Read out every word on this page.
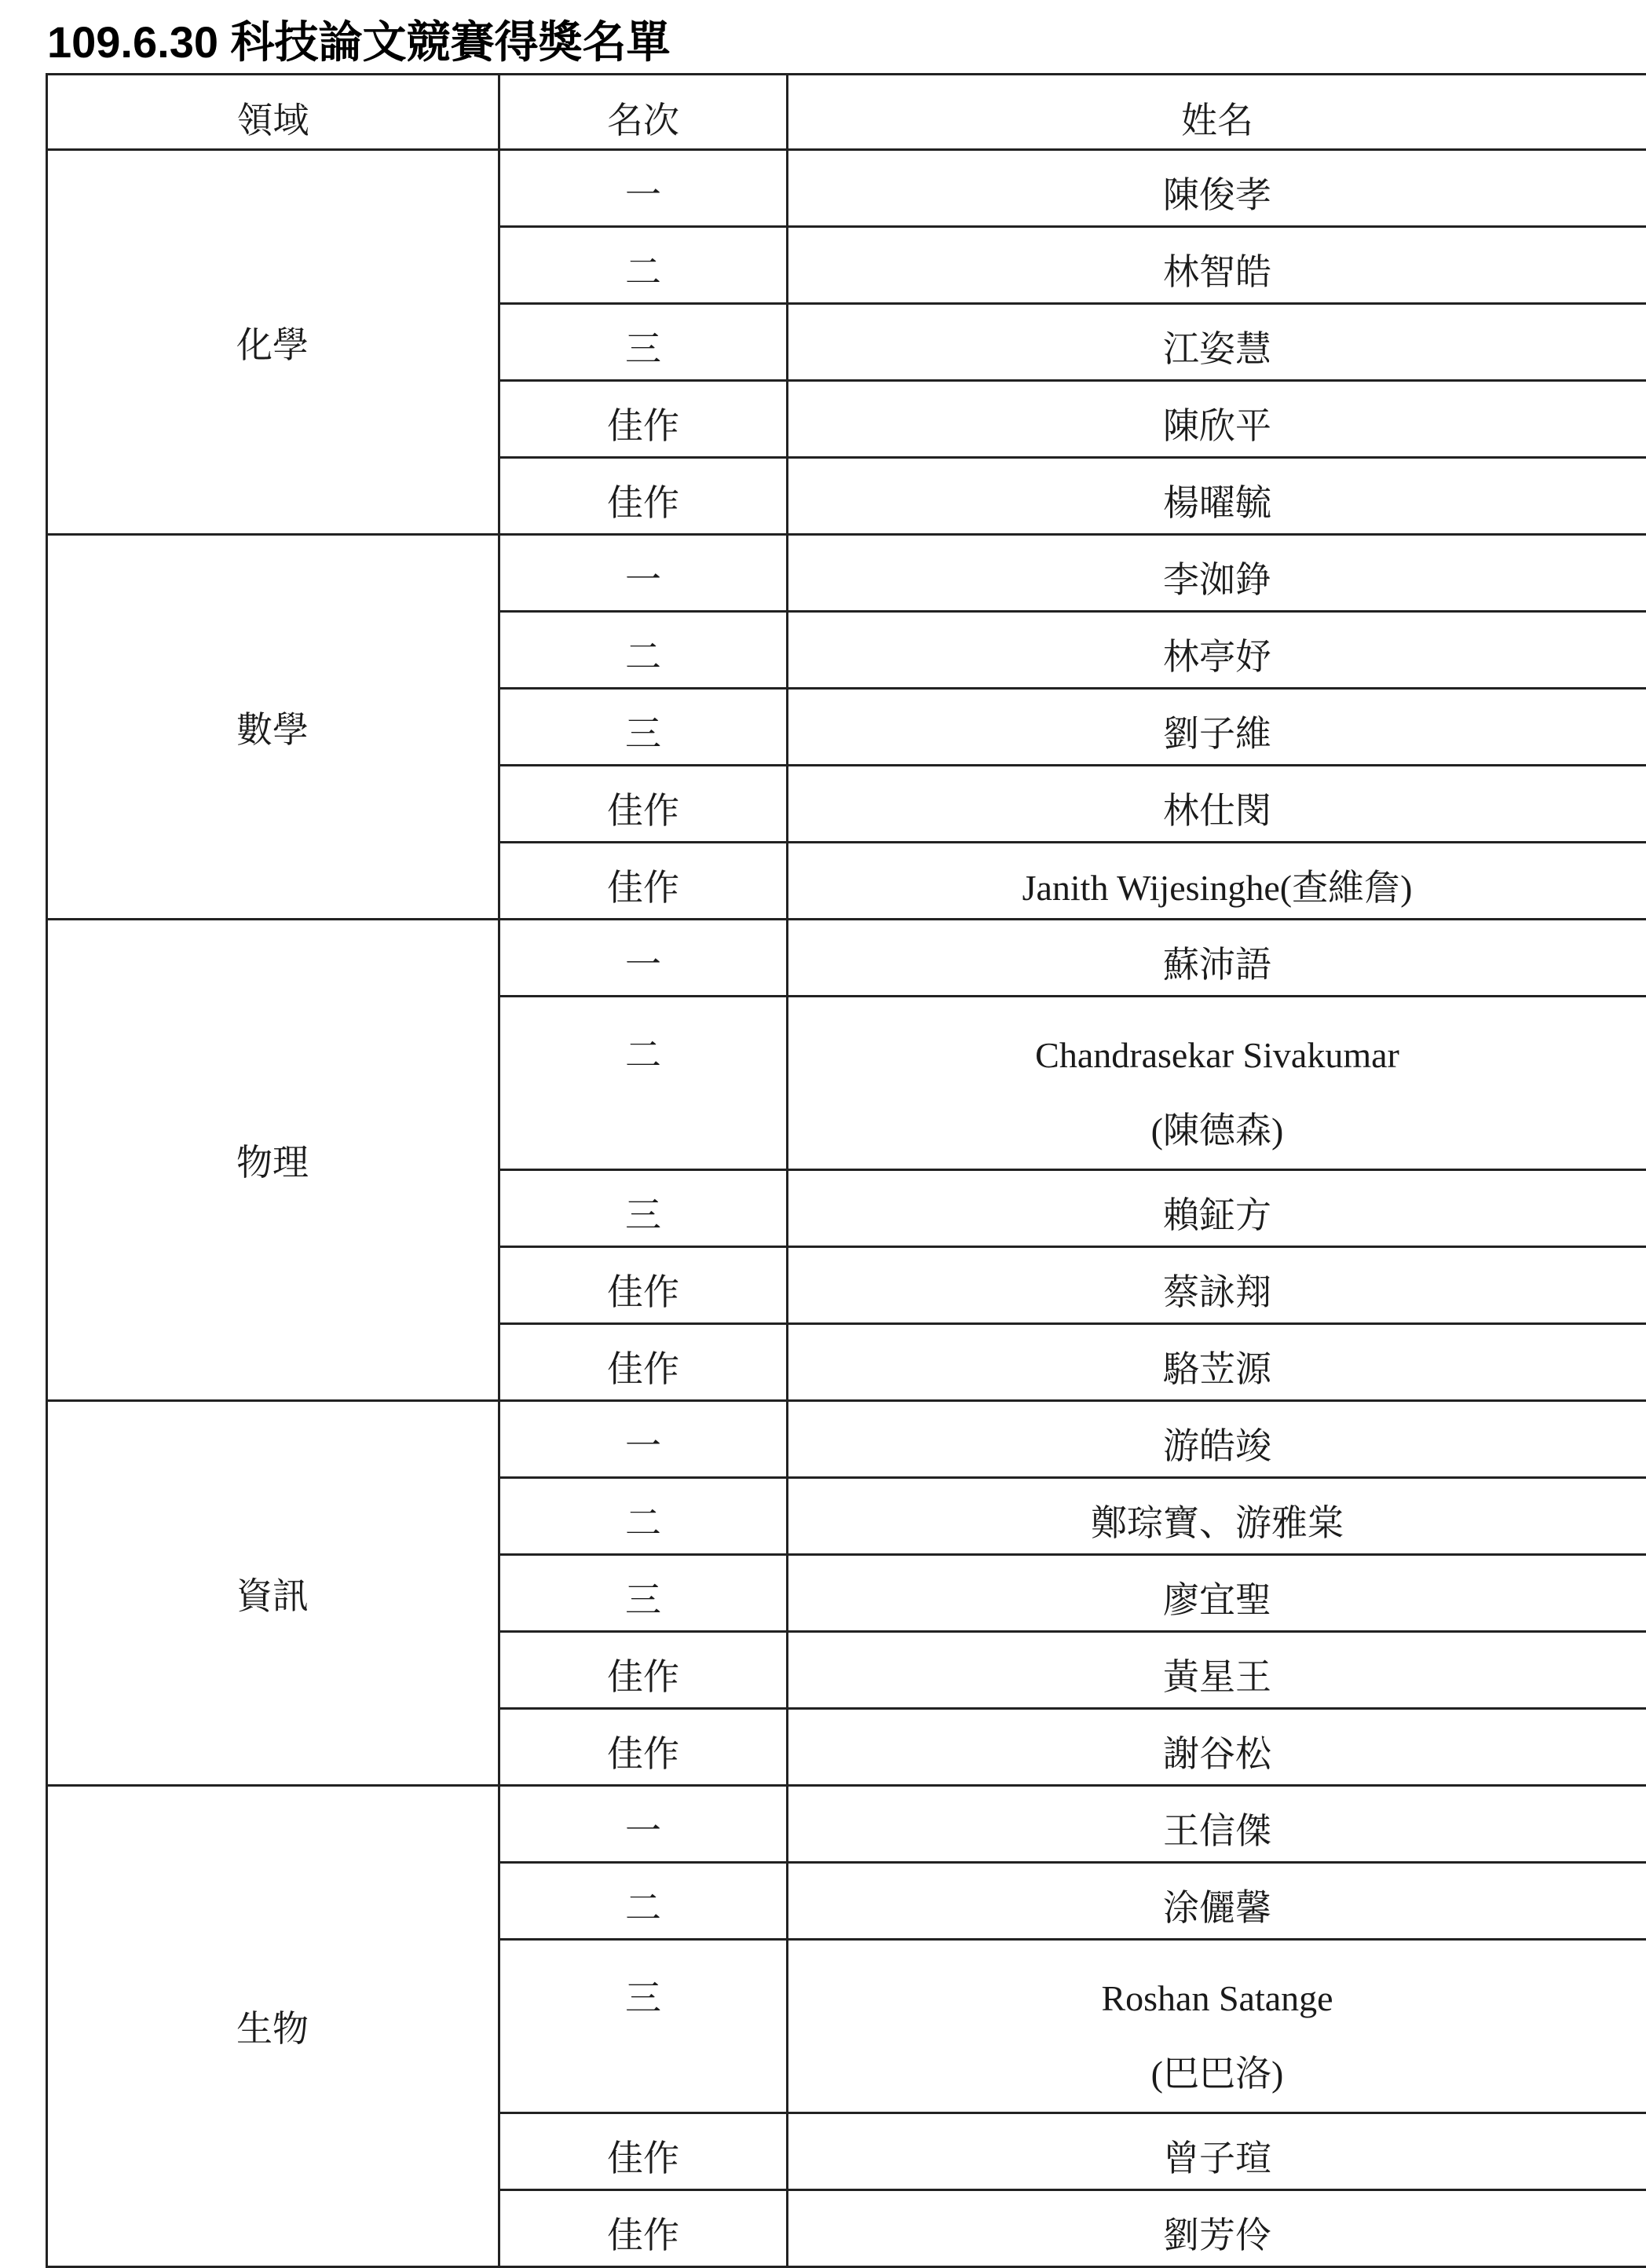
109.6.30 科技論文競賽得獎名單
領域	名次	姓名
化學	一	陳俊孝

	二	林智皓

	三	江姿慧

	佳作	陳欣平

	佳作	楊曜毓

數學	一	李洳錚

	二	林亭妤

	三	劉子維

	佳作	林仕閔

	佳作	Janith Wijesinghe(查維詹)

物理	一	蘇沛語

	二	Chandrasekar Sivakumar
(陳德森)

	三	賴鉦方

	佳作	蔡詠翔

	佳作	駱苙源

資訊	一	游皓竣

	二	鄭琮寶、游雅棠

	三	廖宜聖

	佳作	黃星王

	佳作	謝谷松

生物	一	王信傑

	二	涂儷馨

	三	Roshan Satange
(巴巴洛)

	佳作	曾子瑄

	佳作	劉芳伶
